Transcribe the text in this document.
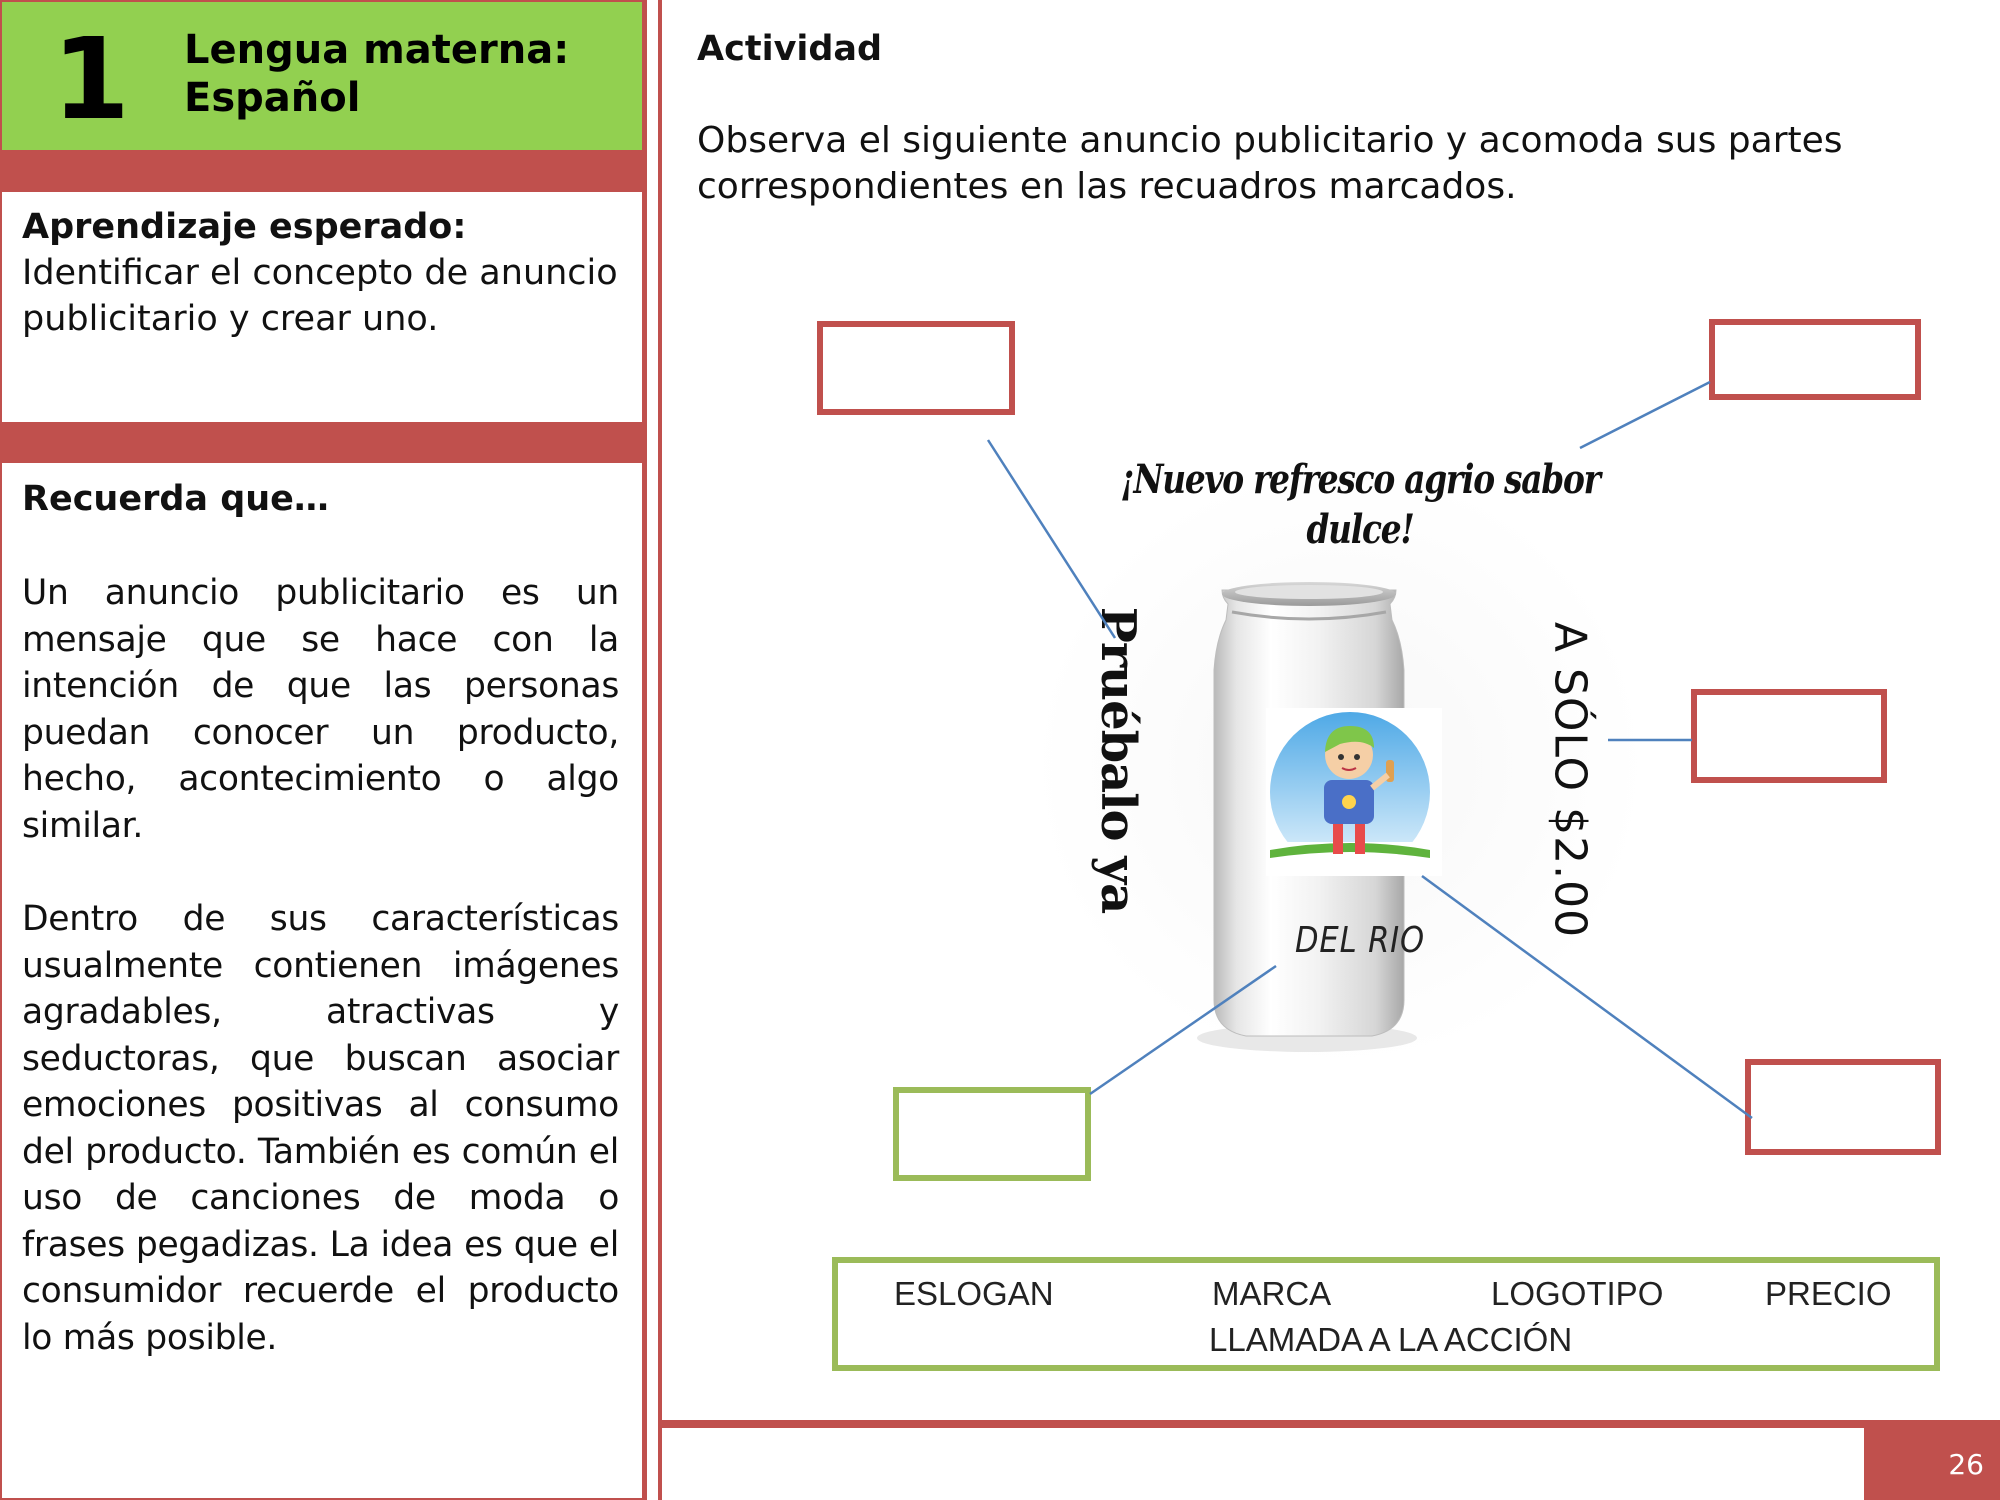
1 Lengua materna: Español
Aprendizaje esperado:
Identificar el concepto de anuncio publicitario y crear uno.
Recuerda que…
Un anuncio publicitario es un mensaje que se hace con la intención de que las personas puedan conocer un producto, hecho, acontecimiento o algo similar.
Dentro de sus características usualmente contienen imágenes agradables, atractivas y seductoras, que buscan asociar emociones positivas al consumo del producto. También es común el uso de canciones de moda o frases pegadizas. La idea es que el consumidor recuerde el producto lo más posible.
26
Actividad
Observa el siguiente anuncio publicitario y acomoda sus partes correspondientes en las recuadros marcados.
¡Nuevo refresco agrio sabor dulce!
Pruébalo ya	A SÓLO $2.00
DEL RIO
ESLOGAN	MARCA	LOGOTIPO	PRECIO
LLAMADA A LA ACCIÓN
